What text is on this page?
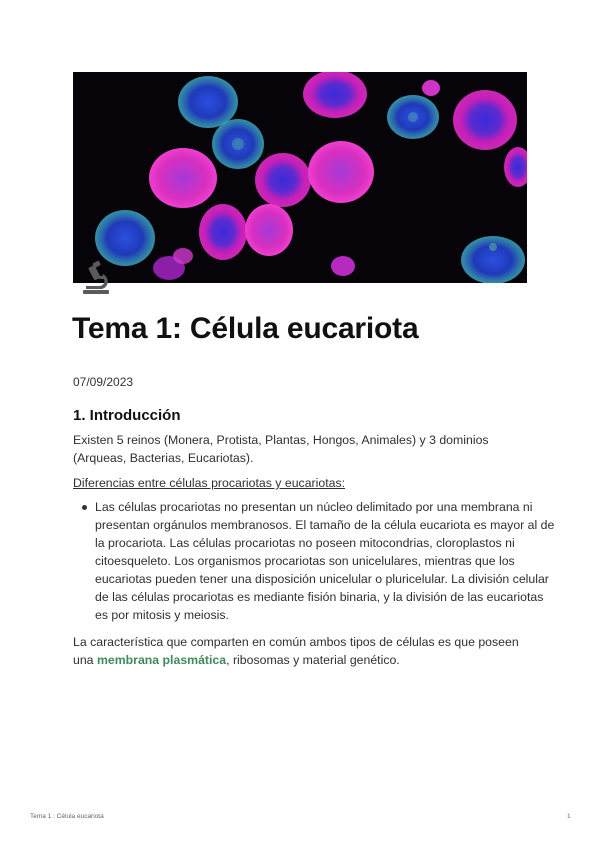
Tema 1: Célula eucariota
07/09/2023
1. Introducción

Existen 5 reinos (Monera, Protista, Plantas, Hongos, Animales) y 3 dominios (Arqueas, Bacterias, Eucariotas).

Diferencias entre células procariotas y eucariotas:

Las células procariotas no presentan un núcleo delimitado por una membrana ni presentan orgánulos membranosos. El tamaño de la célula eucariota es mayor al de la procariota. Las células procariotas no poseen mitocondrias, cloroplastos ni citoesqueleto. Los organismos procariotas son unicelulares, mientras que los eucariotas pueden tener una disposición unicelular o pluricelular. La división celular de las células procariotas es mediante fisión binaria, y la división de las eucariotas es por mitosis y meiosis.

La característica que comparten en común ambos tipos de células es que poseen una membrana plasmática, ribosomas y material genético.

Tema 1 : Célula eucariota	1
